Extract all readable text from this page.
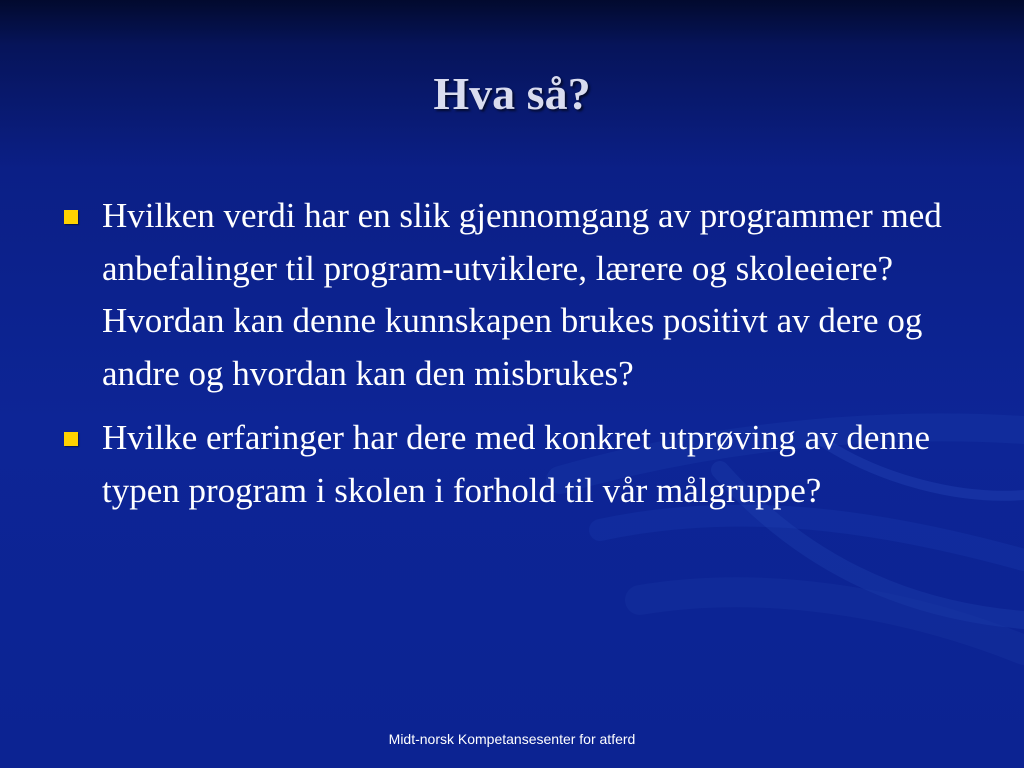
Hva så?
Hvilken verdi har en slik gjennomgang av programmer med anbefalinger til program-utviklere, lærere og skoleeiere? Hvordan kan denne kunnskapen brukes positivt av dere og andre og hvordan kan den misbrukes?
Hvilke erfaringer har dere med konkret utprøving av denne typen program i skolen i forhold til vår målgruppe?
Midt-norsk Kompetansesenter for atferd
